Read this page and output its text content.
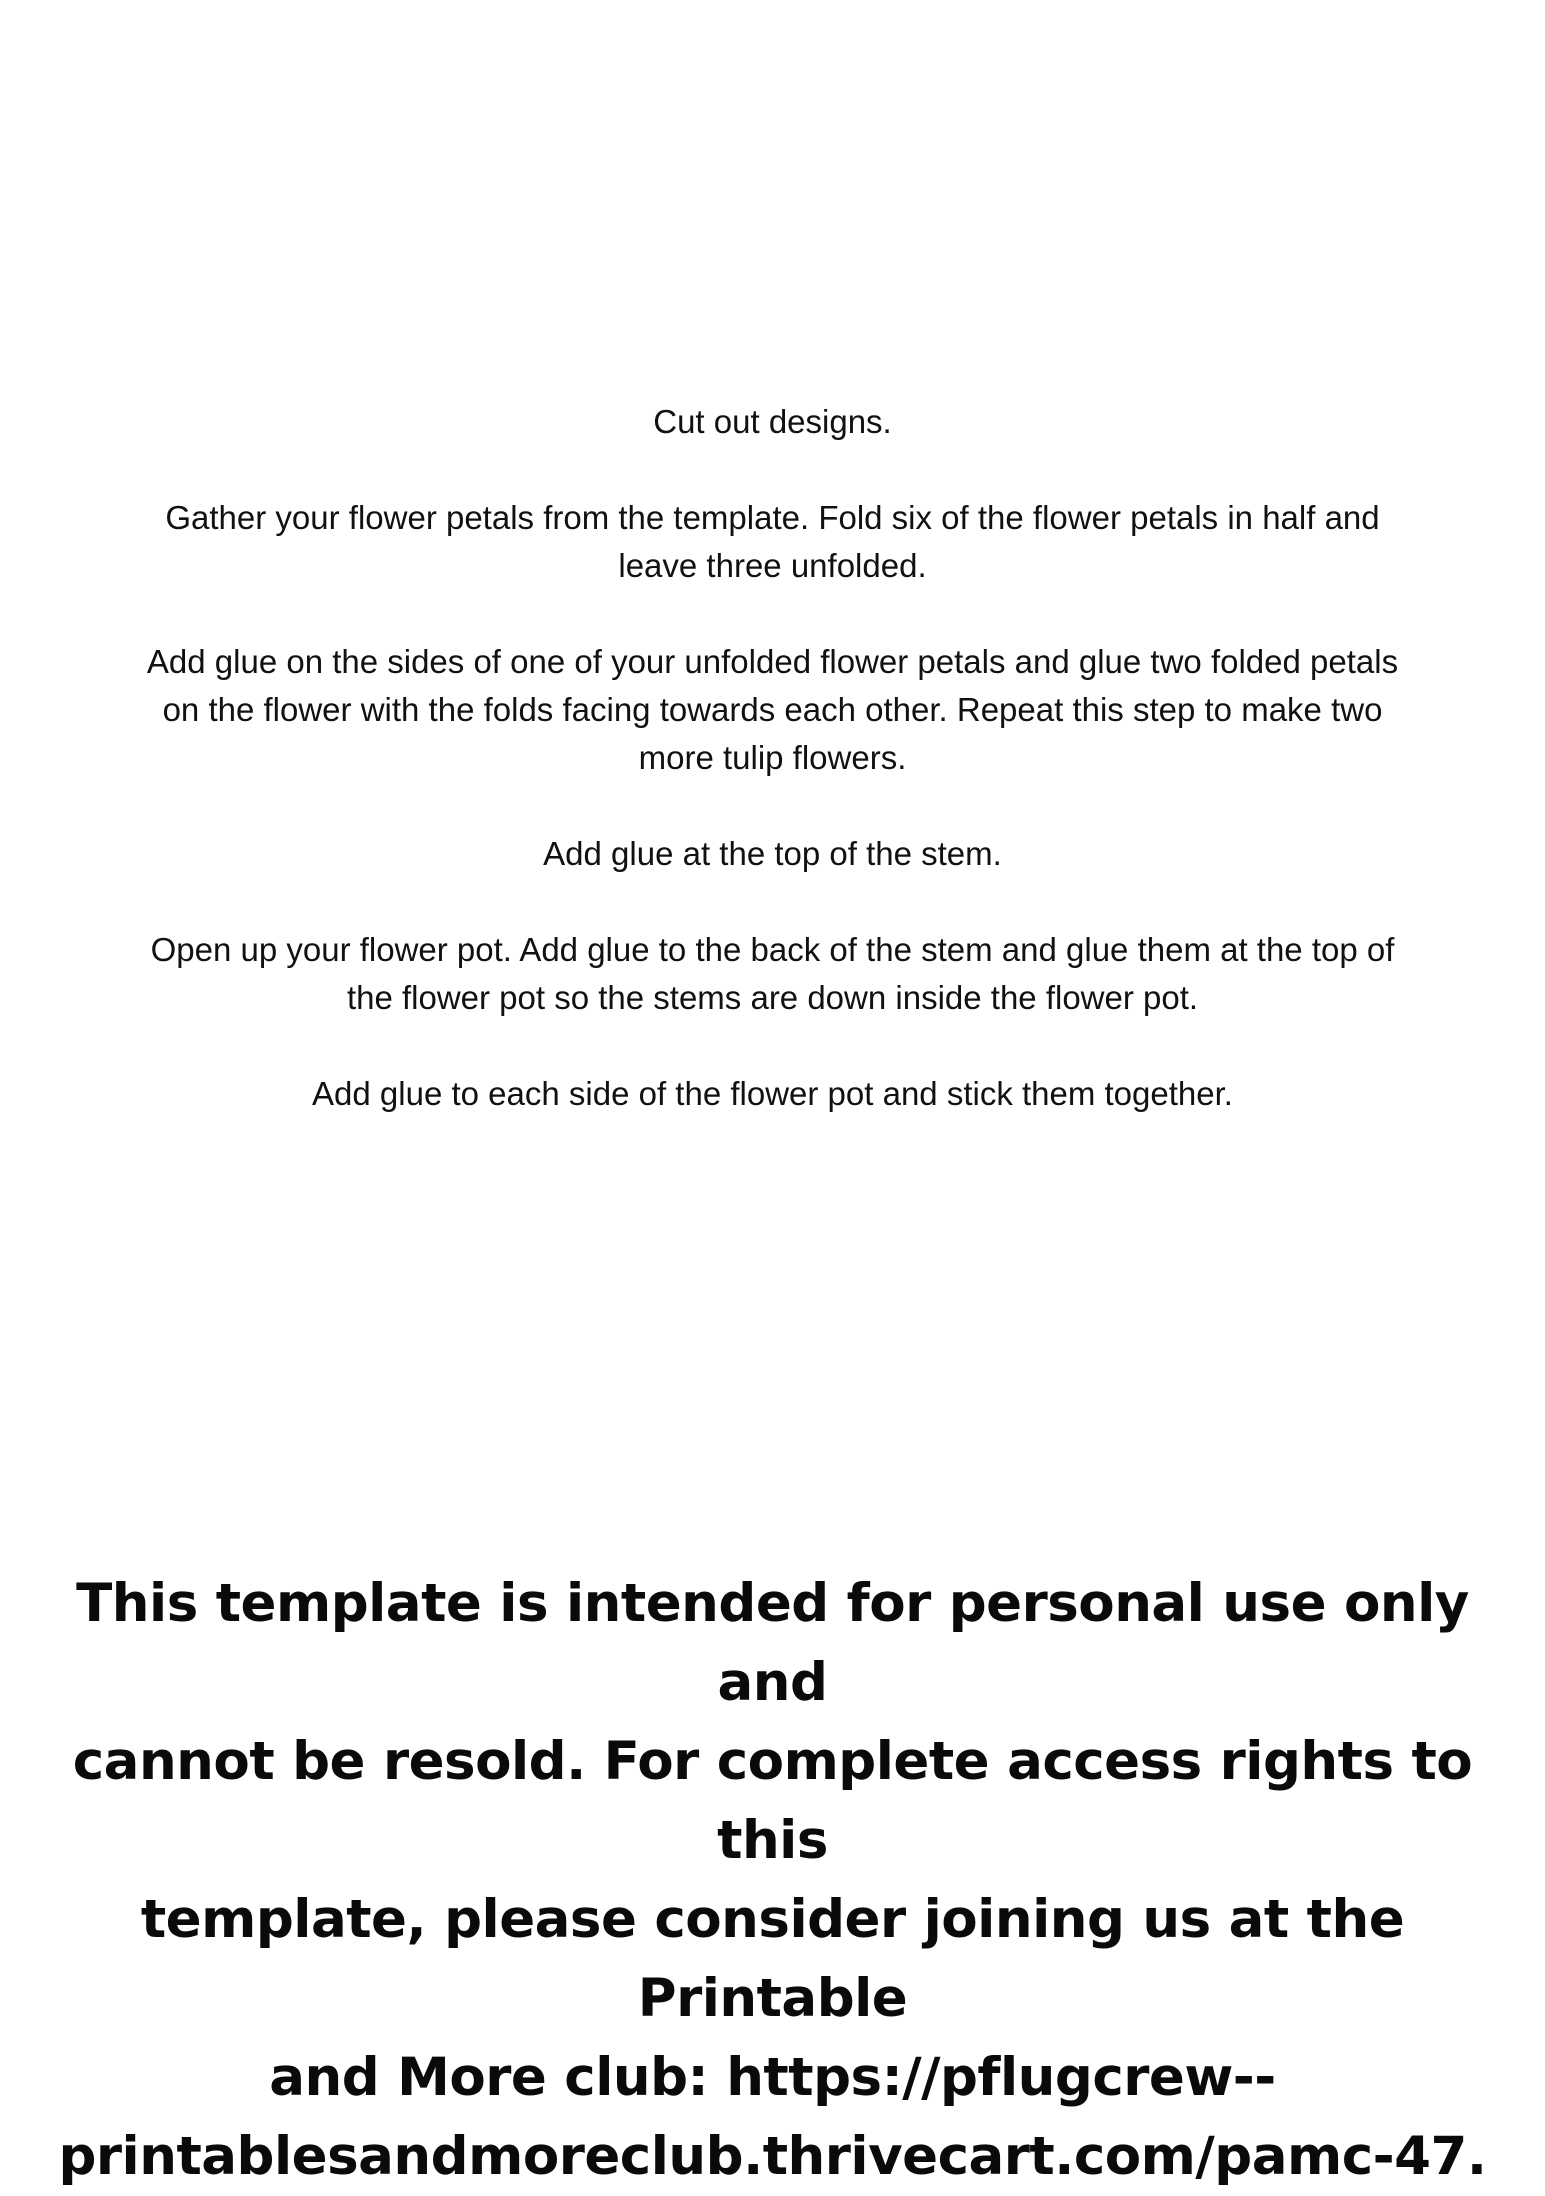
Cut out designs.

Gather your flower petals from the template. Fold six of the flower petals in half and leave three unfolded.

Add glue on the sides of one of your unfolded flower petals and glue two folded petals on the flower with the folds facing towards each other. Repeat this step to make two more tulip flowers.

Add glue at the top of the stem.

Open up your flower pot. Add glue to the back of the stem and glue them at the top of the flower pot so the stems are down inside the flower pot.

Add glue to each side of the flower pot and stick them together.

This template is intended for personal use only and
cannot be resold. For complete access rights to this
template, please consider joining us at the Printable
and More club: https://pflugcrew--
printablesandmoreclub.thrivecart.com/pamc-47.
